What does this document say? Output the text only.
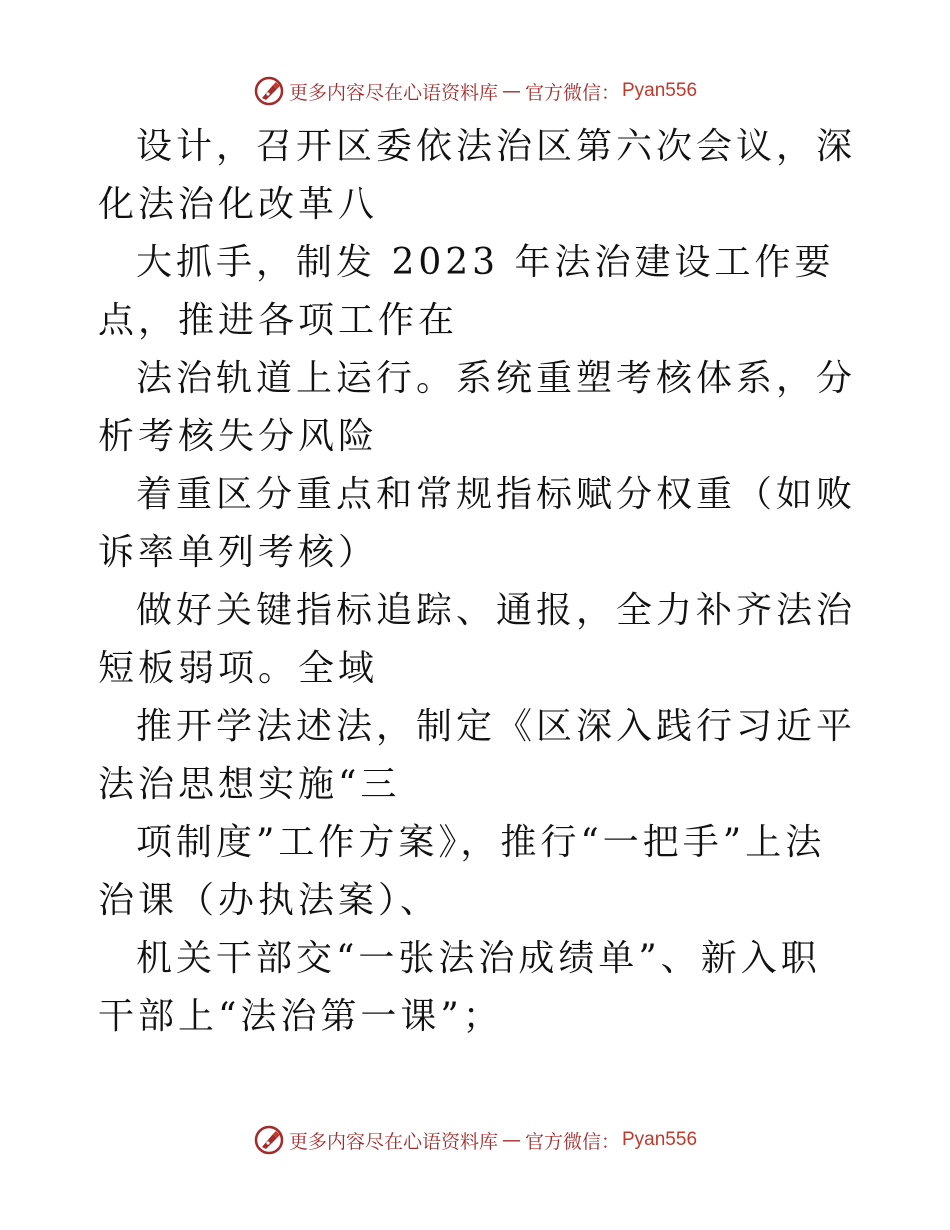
更多内容尽在心语资料库 — 官方微信： Pyan556

设计，召开区委依法治区第六次会议，深化法治化改革八

大抓手，制发 2023 年法治建设工作要点，推进各项工作在

法治轨道上运行。系统重塑考核体系，分析考核失分风险

着重区分重点和常规指标赋分权重（如败诉率单列考核）

做好关键指标追踪、通报，全力补齐法治短板弱项。全域

推开学法述法，制定《区深入践行习近平法治思想实施“三

项制度”工作方案》，推行“一把手”上法治课（办执法案）、

机关干部交“一张法治成绩单”、新入职干部上“法治第一课”；

更多内容尽在心语资料库 — 官方微信： Pyan556
